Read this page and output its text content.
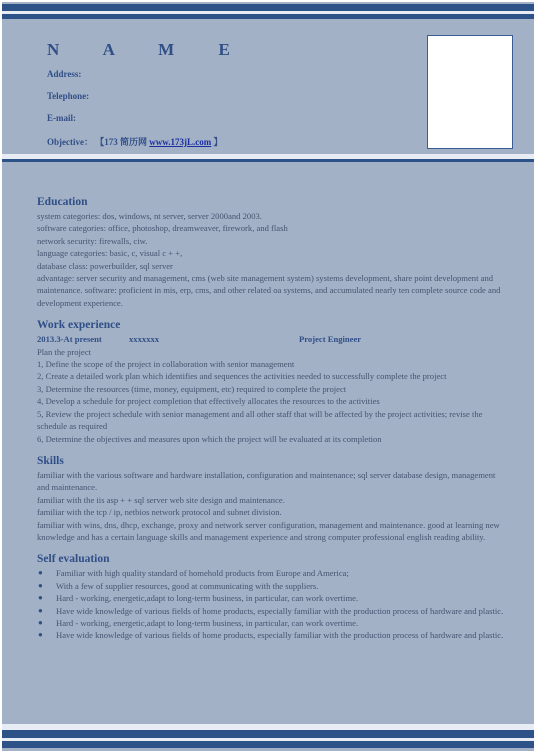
N A M E
Address:
Telephone:
E-mail:
Objective： 【173 简历网 www.173jL.com 】
Education
system categories: dos, windows, nt server, server 2000and 2003.
software categories: office, photoshop, dreamweaver, firework, and flash
network security: firewalls, ciw.
language categories: basic, c, visual c + +,
database class: powerbuilder, sql server
advantage: server security and management, cms (web site management system) systems development, share point development and maintenance. software: proficient in mis, erp, cms, and other related oa systems, and accumulated nearly ten complete source code and development experience.
Work experience
2013.3-At present	xxxxxxx	Project Engineer
Plan the project
1, Define the scope of the project in collaboration with senior management
2, Create a detailed work plan which identifies and sequences the activities needed to successfully complete the project
3, Determine the resources (time, money, equipment, etc) required to complete the project
4, Develop a schedule for project completion that effectively allocates the resources to the activities
5, Review the project schedule with senior management and all other staff that will be affected by the project activities; revise the schedule as required
6, Determine the objectives and measures upon which the project will be evaluated at its completion
Skills
familiar with the various software and hardware installation, configuration and maintenance; sql server database design, management and maintenance.
familiar with the iis asp + + sql server web site design and maintenance.
familiar with the tcp / ip, netbios network protocol and subnet division.
familiar with wins, dns, dhcp, exchange, proxy and network server configuration, management and maintenance. good at learning new knowledge and has a certain language skills and management experience and strong computer professional english reading ability.
Self evaluation
● Familiar with high quality standard of homehold products from Europe and America;
● With a few of supplier resources, good at communicating with the suppliers.
● Hard - working, energetic,adapt to long-term business, in particular, can work overtime.
● Have wide knowledge of various fields of home products, especially familiar with the production process of hardware and plastic.
● Hard - working, energetic,adapt to long-term business, in particular, can work overtime.
● Have wide knowledge of various fields of home products, especially familiar with the production process of hardware and plastic.
